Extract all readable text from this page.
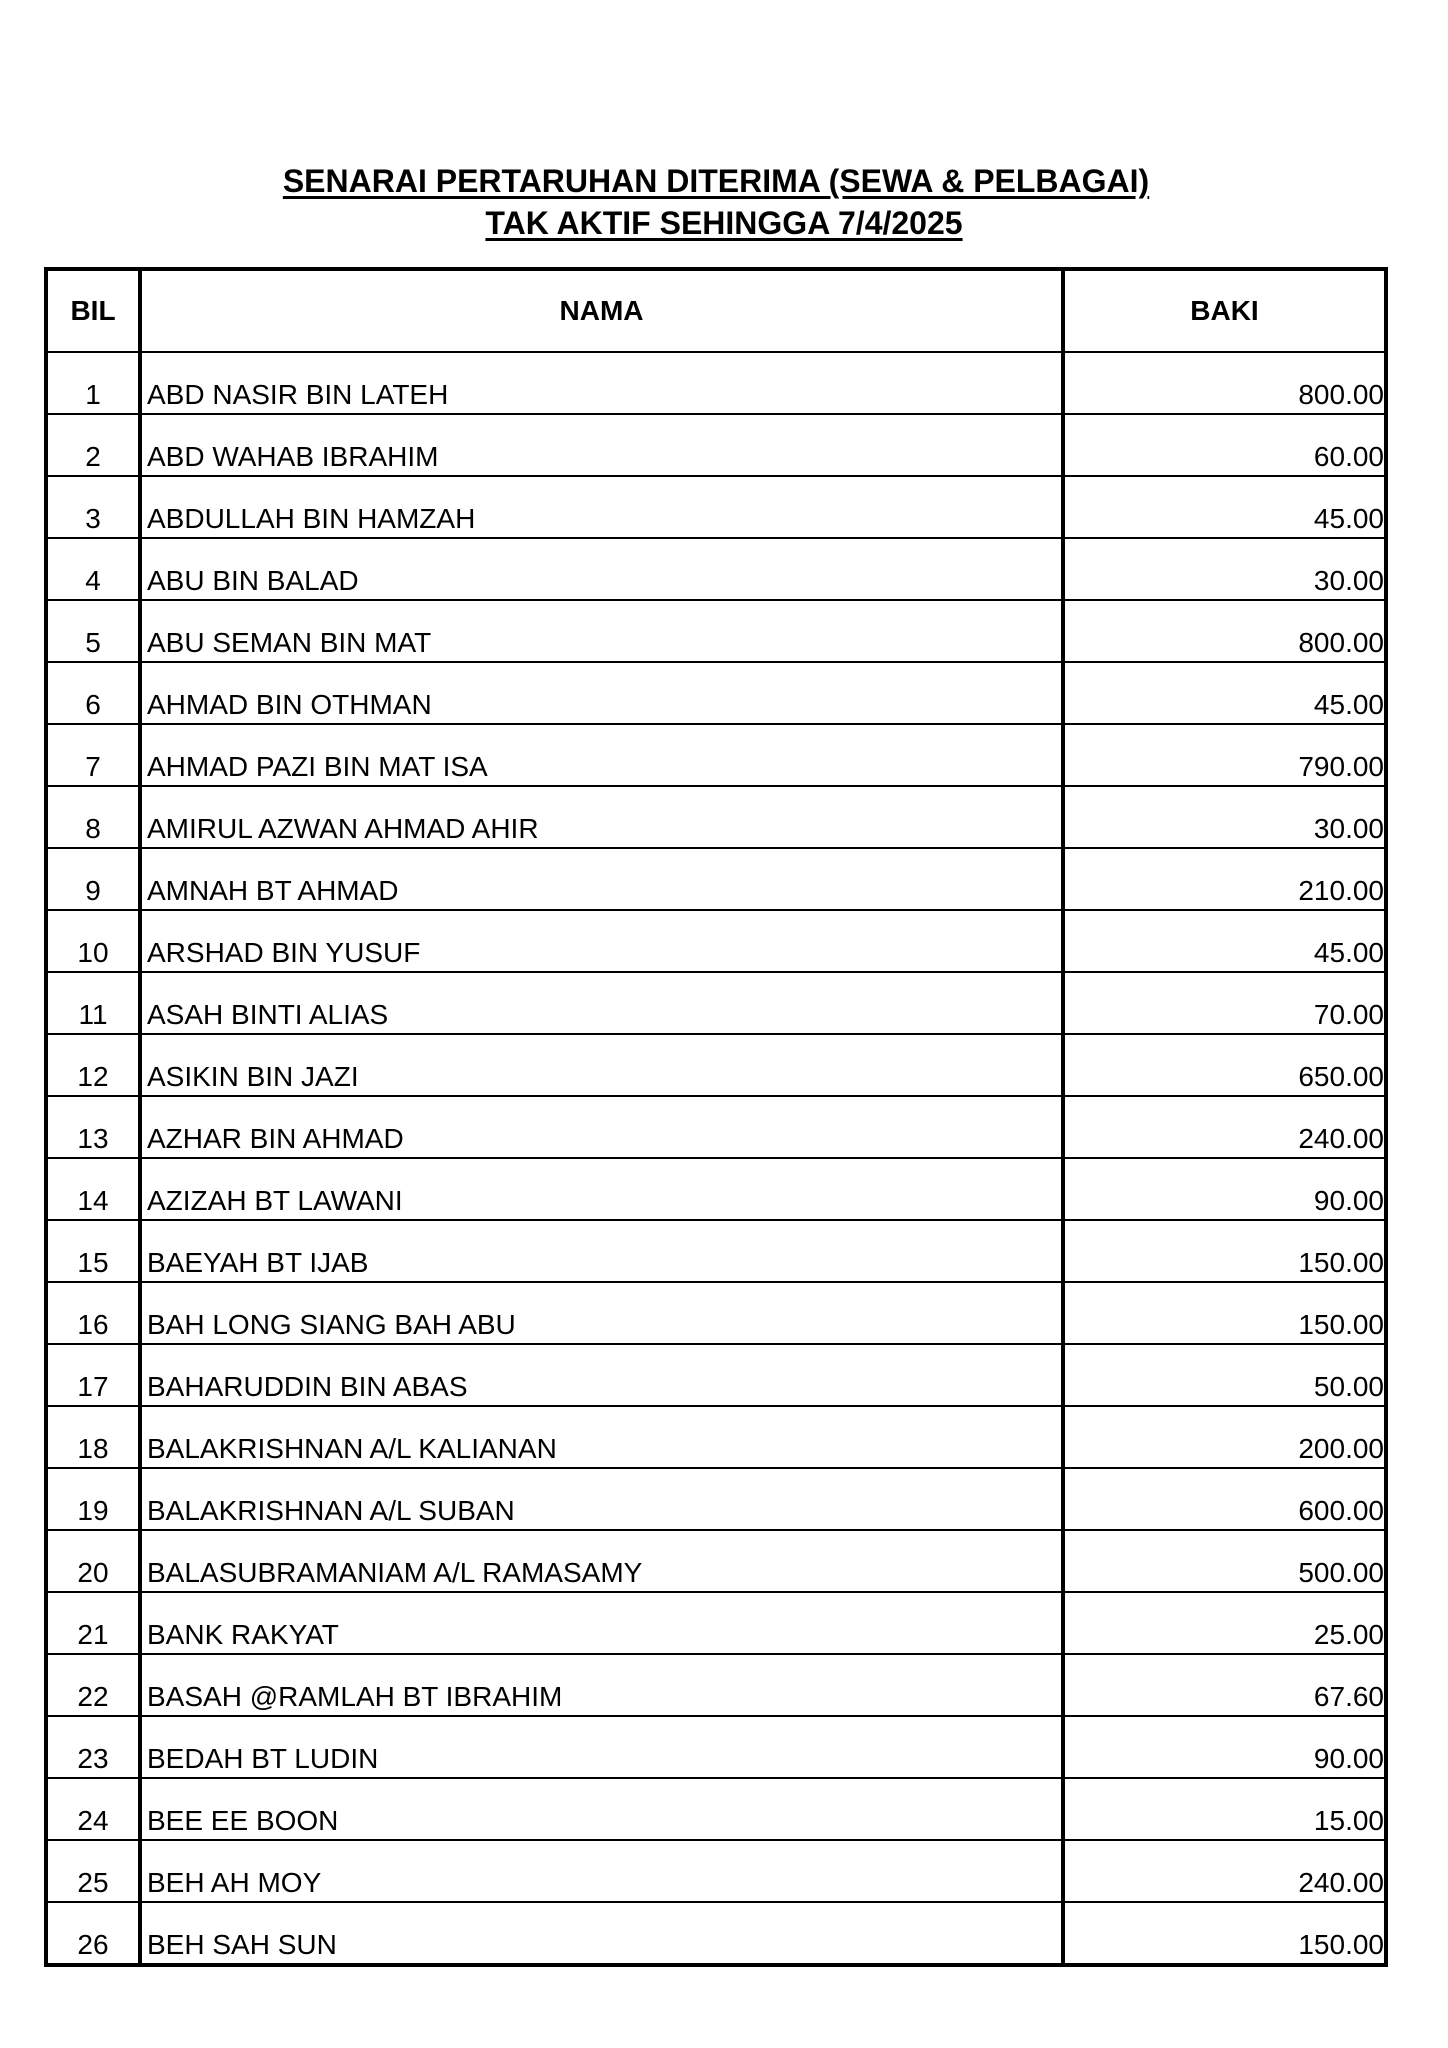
SENARAI PERTARUHAN DITERIMA (SEWA & PELBAGAI)
TAK AKTIF SEHINGGA 7/4/2025
BIL	NAMA	BAKI
1	ABD NASIR BIN LATEH	800.00
2	ABD WAHAB IBRAHIM	60.00
3	ABDULLAH BIN HAMZAH	45.00
4	ABU BIN BALAD	30.00
5	ABU SEMAN BIN MAT	800.00
6	AHMAD BIN OTHMAN	45.00
7	AHMAD PAZI BIN MAT ISA	790.00
8	AMIRUL AZWAN AHMAD AHIR	30.00
9	AMNAH BT AHMAD	210.00
10	ARSHAD BIN YUSUF	45.00
11	ASAH BINTI ALIAS	70.00
12	ASIKIN BIN JAZI	650.00
13	AZHAR BIN AHMAD	240.00
14	AZIZAH BT LAWANI	90.00
15	BAEYAH BT IJAB	150.00
16	BAH LONG SIANG BAH ABU	150.00
17	BAHARUDDIN BIN ABAS	50.00
18	BALAKRISHNAN A/L KALIANAN	200.00
19	BALAKRISHNAN A/L SUBAN	600.00
20	BALASUBRAMANIAM A/L RAMASAMY	500.00
21	BANK RAKYAT	25.00
22	BASAH @RAMLAH BT IBRAHIM	67.60
23	BEDAH BT LUDIN	90.00
24	BEE EE BOON	15.00
25	BEH AH MOY	240.00
26	BEH SAH SUN	150.00
